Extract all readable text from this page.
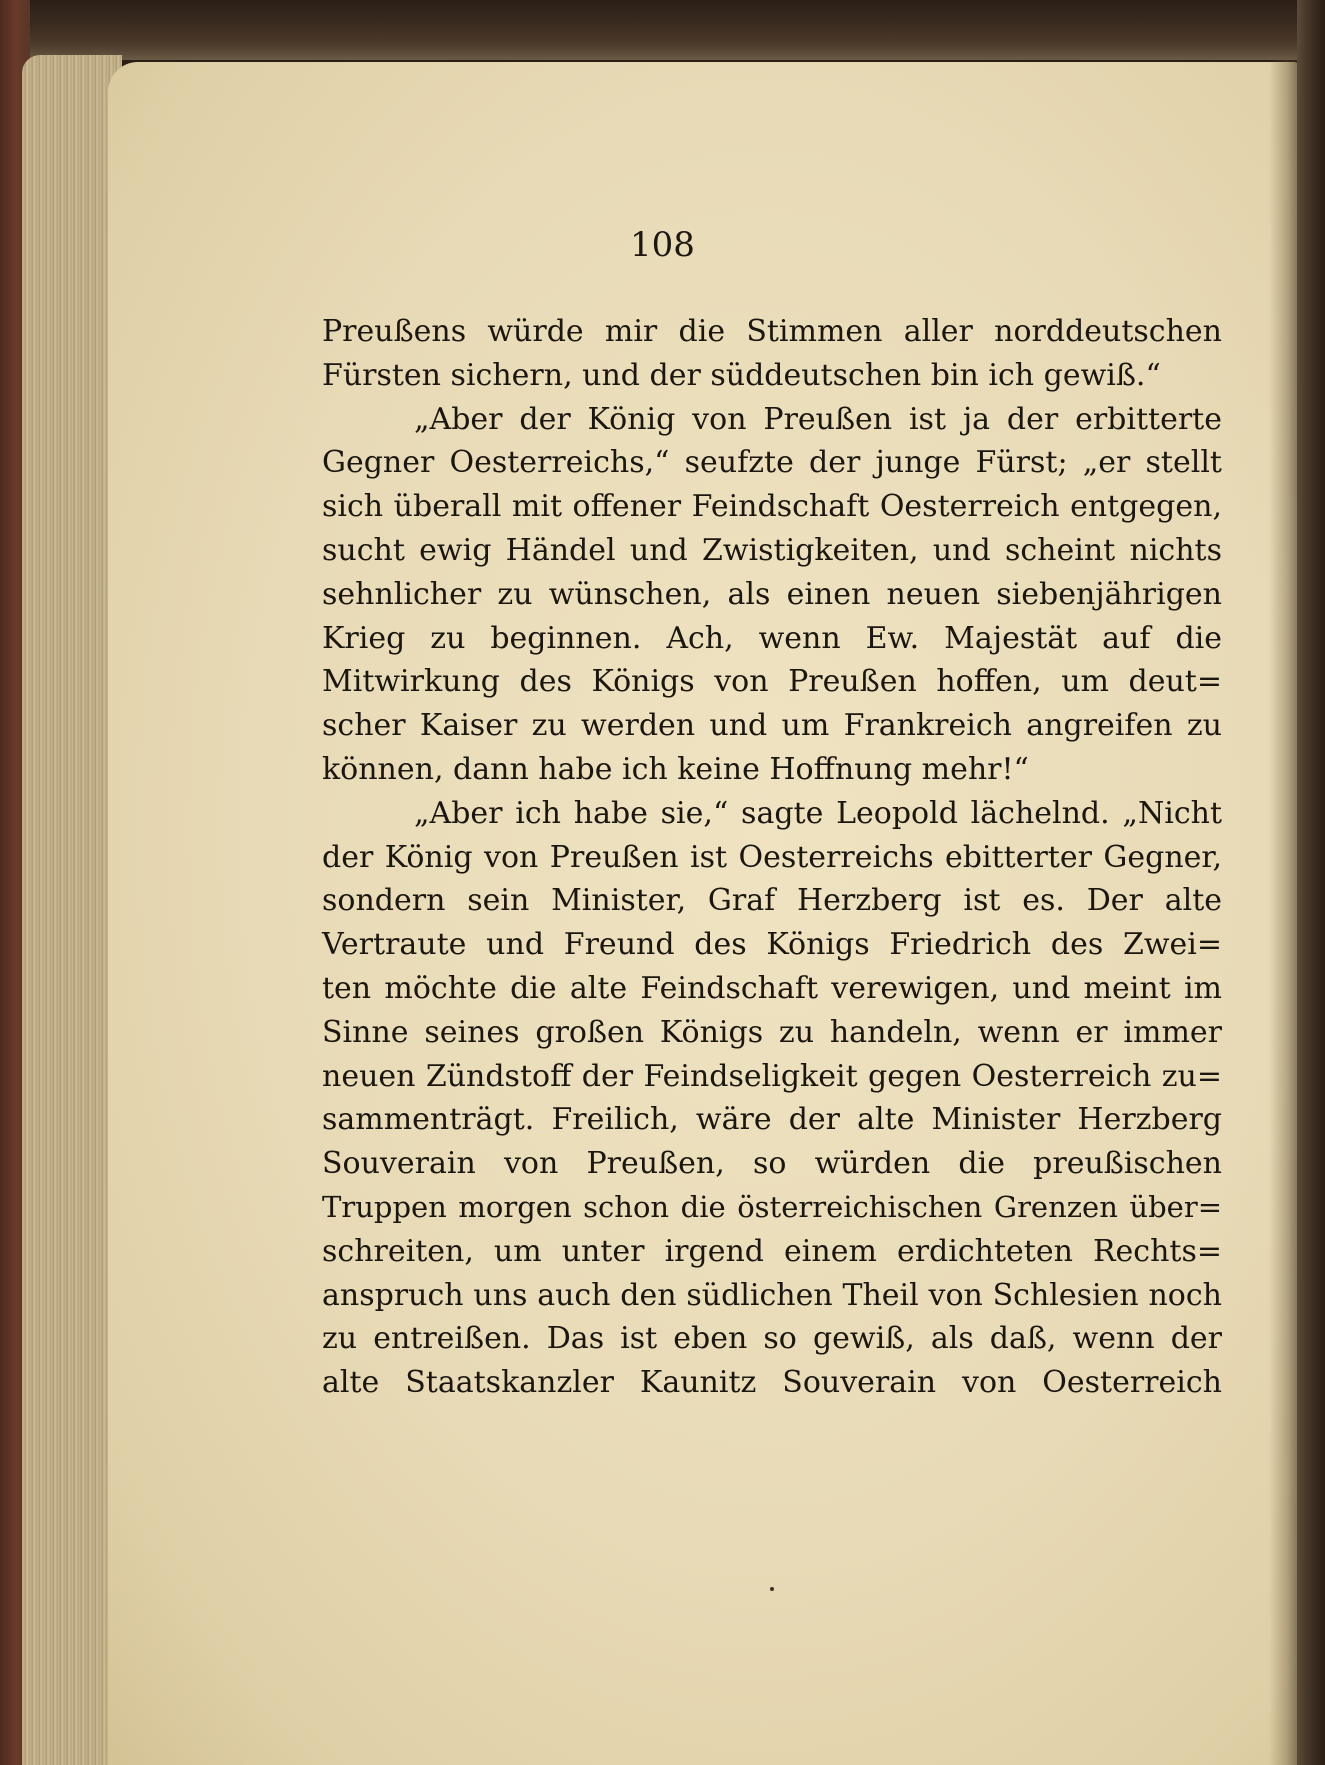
108
Preußens würde mir die Stimmen aller norddeutschen
Fürsten sichern, und der süddeutschen bin ich gewiß.“
„Aber der König von Preußen ist ja der erbitterte
Gegner Oesterreichs,“ seufzte der junge Fürst; „er stellt
sich überall mit offener Feindschaft Oesterreich entgegen,
sucht ewig Händel und Zwistigkeiten, und scheint nichts
sehnlicher zu wünschen, als einen neuen siebenjährigen
Krieg zu beginnen. Ach, wenn Ew. Majestät auf die
Mitwirkung des Königs von Preußen hoffen, um deut=
scher Kaiser zu werden und um Frankreich angreifen zu
können, dann habe ich keine Hoffnung mehr!“
„Aber ich habe sie,“ sagte Leopold lächelnd. „Nicht
der König von Preußen ist Oesterreichs ebitterter Gegner,
sondern sein Minister, Graf Herzberg ist es. Der alte
Vertraute und Freund des Königs Friedrich des Zwei=
ten möchte die alte Feindschaft verewigen, und meint im
Sinne seines großen Königs zu handeln, wenn er immer
neuen Zündstoff der Feindseligkeit gegen Oesterreich zu=
sammenträgt. Freilich, wäre der alte Minister Herzberg
Souverain von Preußen, so würden die preußischen
Truppen morgen schon die österreichischen Grenzen über=
schreiten, um unter irgend einem erdichteten Rechts=
anspruch uns auch den südlichen Theil von Schlesien noch
zu entreißen. Das ist eben so gewiß, als daß, wenn der
alte Staatskanzler Kaunitz Souverain von Oesterreich
